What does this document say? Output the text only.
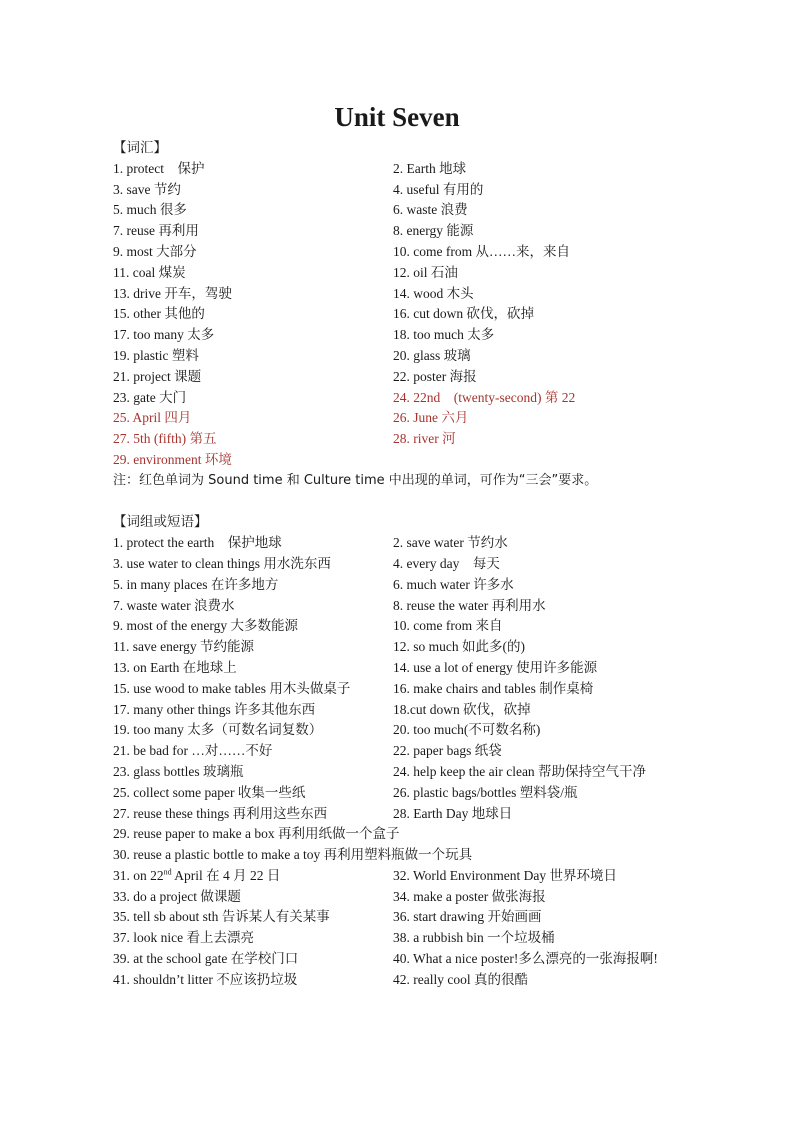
Unit Seven
【词汇】
1. protect　保护	2. Earth 地球
3. save 节约	4. useful 有用的
5. much 很多	6. waste 浪费
7. reuse 再利用	8. energy 能源
9. most 大部分	10. come from 从……来，来自
11. coal 煤炭	12. oil 石油
13. drive 开车，驾驶	14. wood 木头
15. other 其他的	16. cut down 砍伐，砍掉
17. too many 太多	18. too much 太多
19. plastic 塑料	20. glass 玻璃
21. project 课题	22. poster 海报
23. gate 大门	24. 22nd　(twenty-second) 第 22
25. April 四月	26. June 六月
27. 5th (fifth) 第五	28. river 河
29. environment 环境
注：红色单词为 Sound time 和 Culture time 中出现的单词，可作为“三会”要求。
【词组或短语】
1. protect the earth　保护地球	2. save water 节约水
3. use water to clean things 用水洗东西	4. every day　每天
5. in many places 在许多地方	6. much water 许多水
7. waste water 浪费水	8. reuse the water 再利用水
9. most of the energy 大多数能源	10. come from 来自
11. save energy 节约能源	12. so much 如此多(的)
13. on Earth 在地球上	14. use a lot of energy 使用许多能源
15. use wood to make tables 用木头做桌子	16. make chairs and tables 制作桌椅
17. many other things 许多其他东西	18.cut down 砍伐，砍掉
19. too many 太多（可数名词复数）	20. too much(不可数名称)
21. be bad for …对……不好	22. paper bags 纸袋
23. glass bottles 玻璃瓶	24. help keep the air clean 帮助保持空气干净
25. collect some paper 收集一些纸	26. plastic bags/bottles 塑料袋/瓶
27. reuse these things 再利用这些东西	28. Earth Day 地球日
29. reuse paper to make a box 再利用纸做一个盒子
30. reuse a plastic bottle to make a toy 再利用塑料瓶做一个玩具
31. on 22nd April 在 4 月 22 日	32. World Environment Day 世界环境日
33. do a project 做课题	34. make a poster 做张海报
35. tell sb about sth 告诉某人有关某事	36. start drawing 开始画画
37. look nice 看上去漂亮	38. a rubbish bin 一个垃圾桶
39. at the school gate 在学校门口	40. What a nice poster!多么漂亮的一张海报啊!
41. shouldn’t litter 不应该扔垃圾	42. really cool 真的很酷
